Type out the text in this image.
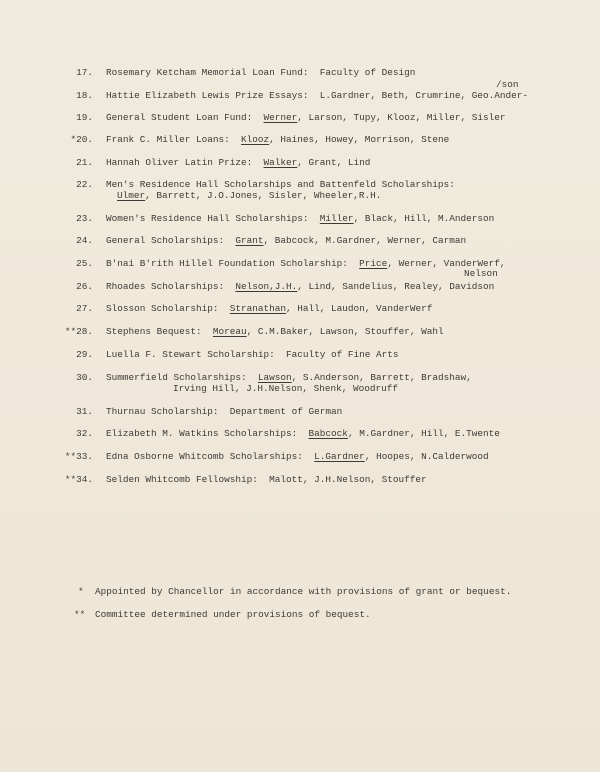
17. Rosemary Ketcham Memorial Loan Fund:  Faculty of Design
18. Hattie Elizabeth Lewis Prize Essays:  L.Gardner, Beth, Crumrine, Geo.Ander-
/son
19. General Student Loan Fund:  Werner, Larson, Tupy, Klooz, Miller, Sisler
*20. Frank C. Miller Loans:  Klooz, Haines, Howey, Morrison, Stene
21. Hannah Oliver Latin Prize:  Walker, Grant, Lind
22. Men's Residence Hall Scholarships and Battenfeld Scholarships:
Ulmer, Barrett, J.O.Jones, Sisler, Wheeler,R.H.
23. Women's Residence Hall Scholarships:  Miller, Black, Hill, M.Anderson
24. General Scholarships:  Grant, Babcock, M.Gardner, Werner, Carman
25. B'nai B'rith Hillel Foundation Scholarship:  Price, Werner, VanderWerf,
Nelson
26. Rhoades Scholarships:  Nelson,J.H., Lind, Sandelius, Realey, Davidson
27. Slosson Scholarship:  Stranathan, Hall, Laudon, VanderWerf
**28. Stephens Bequest:  Moreau, C.M.Baker, Lawson, Stouffer, Wahl
29. Luella F. Stewart Scholarship:  Faculty of Fine Arts
30. Summerfield Scholarships:  Lawson, S.Anderson, Barrett, Bradshaw,
Irving Hill, J.H.Nelson, Shenk, Woodruff
31. Thurnau Scholarship:  Department of German
32. Elizabeth M. Watkins Scholarships:  Babcock, M.Gardner, Hill, E.Twente
**33. Edna Osborne Whitcomb Scholarships:  L.Gardner, Hoopes, N.Calderwood
**34. Selden Whitcomb Fellowship:  Malott, J.H.Nelson, Stouffer
* Appointed by Chancellor in accordance with provisions of grant or bequest.
** Committee determined under provisions of bequest.
